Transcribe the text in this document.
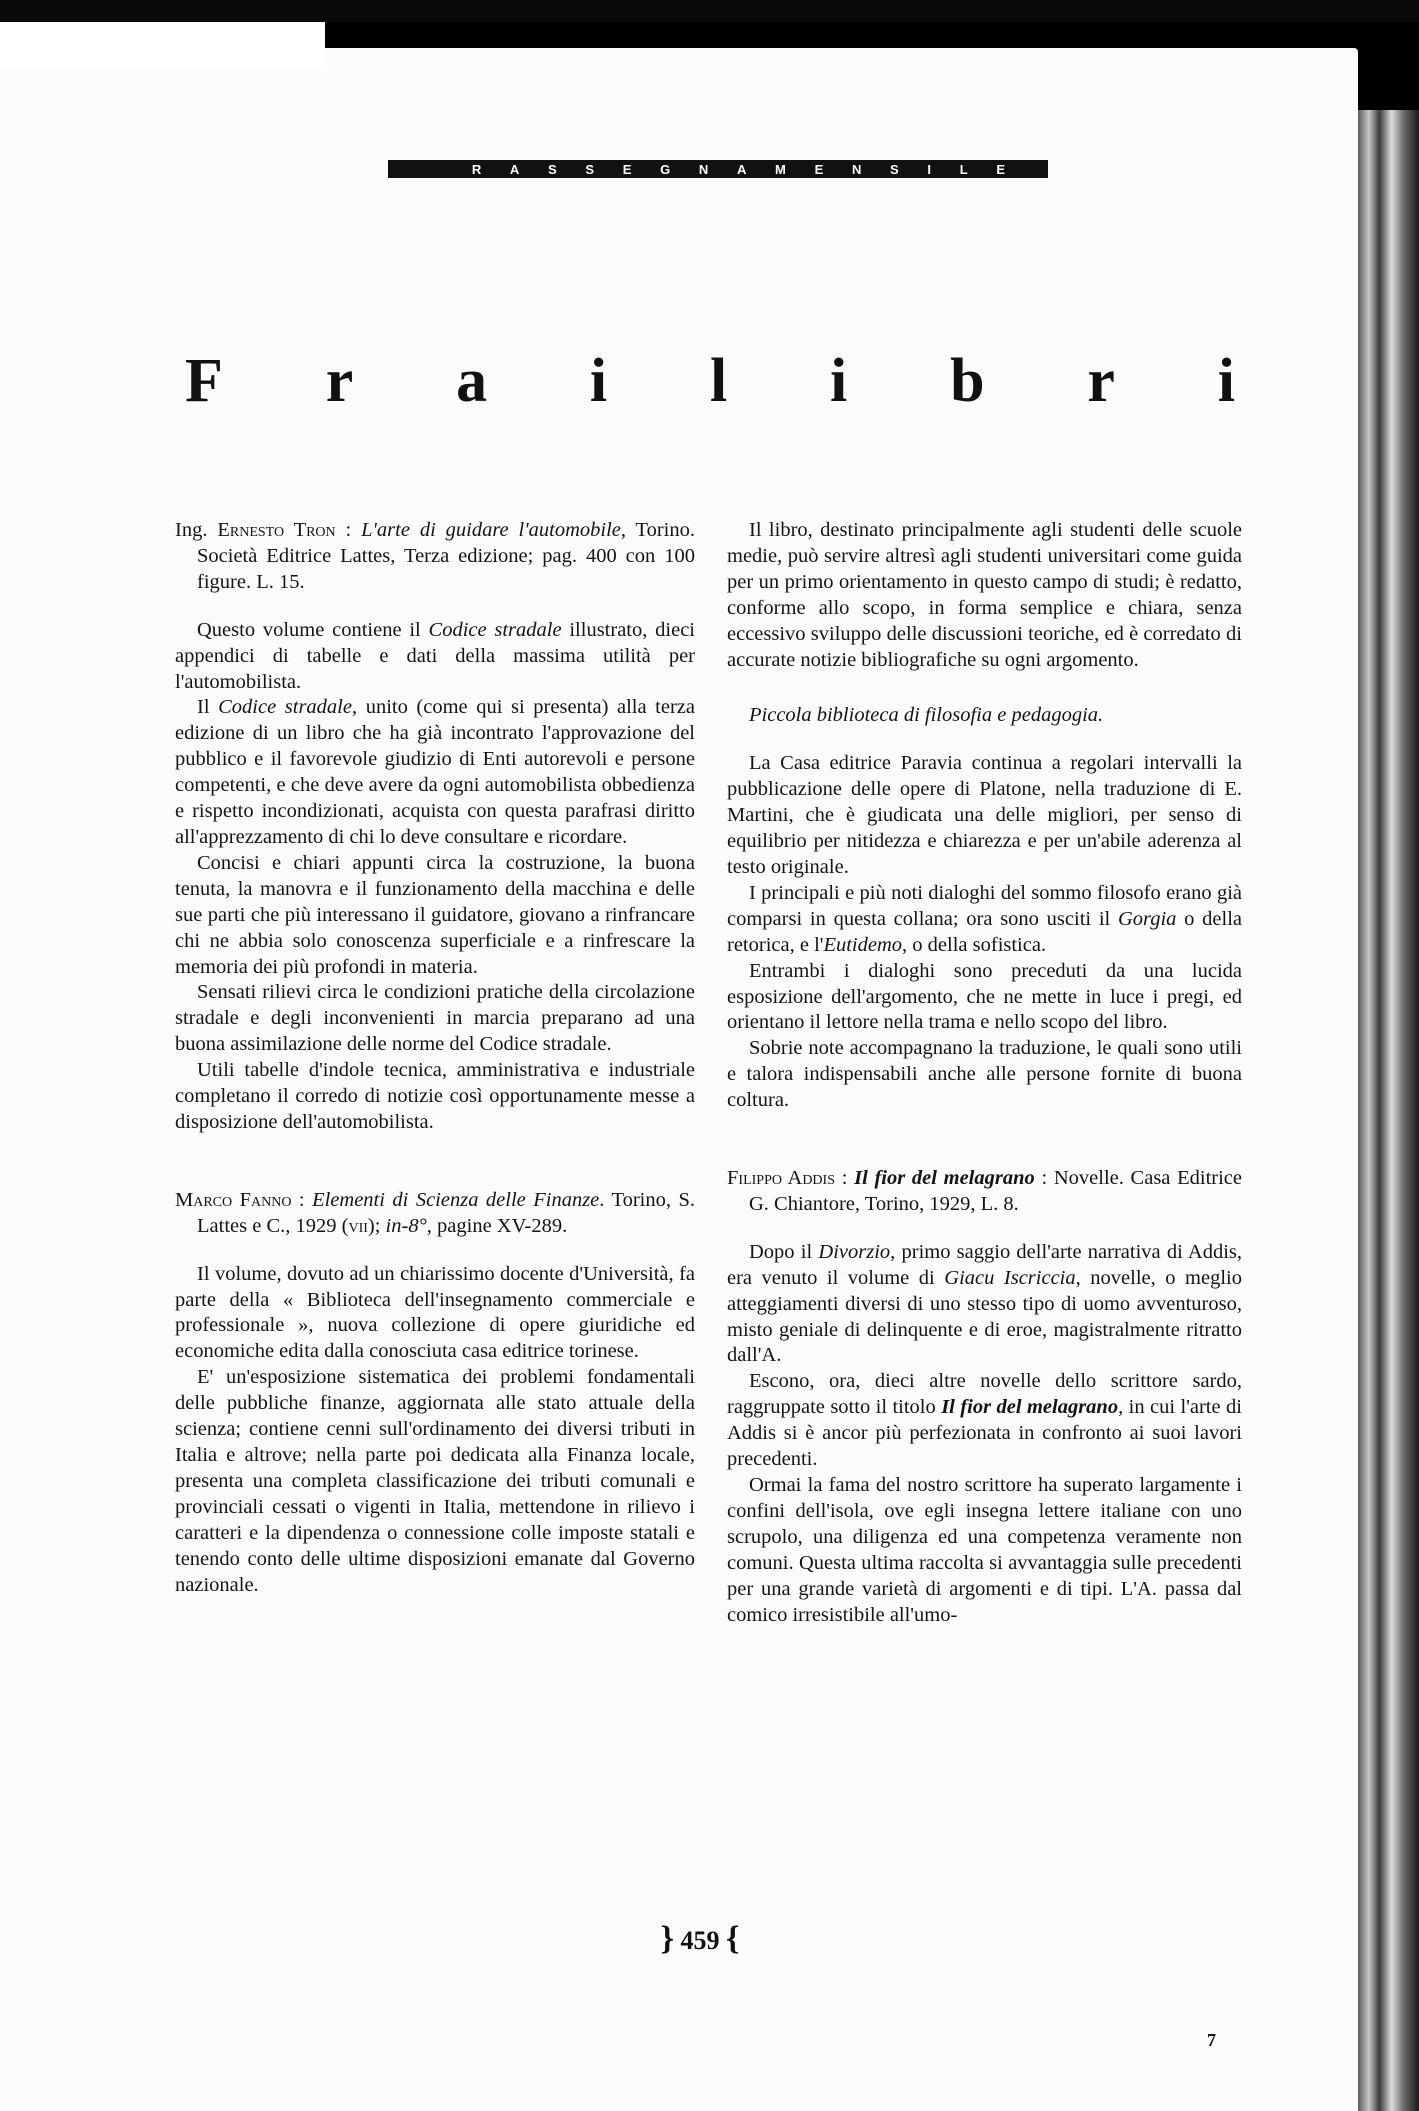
R A S S E G N A M E N S I L E
F r a i l i b r i

Ing. Ernesto Tron : L'arte di guidare l'automobile, Torino. Società Editrice Lattes, Terza edizione; pag. 400 con 100 figure. L. 15.

Questo volume contiene il Codice stradale illustrato, dieci appendici di tabelle e dati della massima utilità per l'automobilista.

Il Codice stradale, unito (come qui si presenta) alla terza edizione di un libro che ha già incontrato l'approvazione del pubblico e il favorevole giudizio di Enti autorevoli e persone competenti, e che deve avere da ogni automobilista obbedienza e rispetto incondizionati, acquista con questa parafrasi diritto all'apprezzamento di chi lo deve consultare e ricordare.

Concisi e chiari appunti circa la costruzione, la buona tenuta, la manovra e il funzionamento della macchina e delle sue parti che più interessano il guidatore, giovano a rinfrancare chi ne abbia solo conoscenza superficiale e a rinfrescare la memoria dei più profondi in materia.

Sensati rilievi circa le condizioni pratiche della circolazione stradale e degli inconvenienti in marcia preparano ad una buona assimilazione delle norme del Codice stradale.

Utili tabelle d'indole tecnica, amministrativa e industriale completano il corredo di notizie così opportunamente messe a disposizione dell'automobilista.

Marco Fanno : Elementi di Scienza delle Finanze. Torino, S. Lattes e C., 1929 (vii); in-8°, pagine XV-289.

Il volume, dovuto ad un chiarissimo docente d'Università, fa parte della « Biblioteca dell'insegnamento commerciale e professionale », nuova collezione di opere giuridiche ed economiche edita dalla conosciuta casa editrice torinese.

E' un'esposizione sistematica dei problemi fondamentali delle pubbliche finanze, aggiornata alle stato attuale della scienza; contiene cenni sull'ordinamento dei diversi tributi in Italia e altrove; nella parte poi dedicata alla Finanza locale, presenta una completa classificazione dei tributi comunali e provinciali cessati o vigenti in Italia, mettendone in rilievo i caratteri e la dipendenza o connessione colle imposte statali e tenendo conto delle ultime disposizioni emanate dal Governo nazionale.

Il libro, destinato principalmente agli studenti delle scuole medie, può servire altresì agli studenti universitari come guida per un primo orientamento in questo campo di studi; è redatto, conforme allo scopo, in forma semplice e chiara, senza eccessivo sviluppo delle discussioni teoriche, ed è corredato di accurate notizie bibliografiche su ogni argomento.

Piccola biblioteca di filosofia e pedagogia.

La Casa editrice Paravia continua a regolari intervalli la pubblicazione delle opere di Platone, nella traduzione di E. Martini, che è giudicata una delle migliori, per senso di equilibrio per nitidezza e chiarezza e per un'abile aderenza al testo originale.

I principali e più noti dialoghi del sommo filosofo erano già comparsi in questa collana; ora sono usciti il Gorgia o della retorica, e l'Eutidemo, o della sofistica.

Entrambi i dialoghi sono preceduti da una lucida esposizione dell'argomento, che ne mette in luce i pregi, ed orientano il lettore nella trama e nello scopo del libro.

Sobrie note accompagnano la traduzione, le quali sono utili e talora indispensabili anche alle persone fornite di buona coltura.

Filippo Addis : Il fior del melagrano : Novelle. Casa Editrice G. Chiantore, Torino, 1929, L. 8.

Dopo il Divorzio, primo saggio dell'arte narrativa di Addis, era venuto il volume di Giacu Iscriccia, novelle, o meglio atteggiamenti diversi di uno stesso tipo di uomo avventuroso, misto geniale di delinquente e di eroe, magistralmente ritratto dall'A.

Escono, ora, dieci altre novelle dello scrittore sardo, raggruppate sotto il titolo Il fior del melagrano, in cui l'arte di Addis si è ancor più perfezionata in confronto ai suoi lavori precedenti.

Ormai la fama del nostro scrittore ha superato largamente i confini dell'isola, ove egli insegna lettere italiane con uno scrupolo, una diligenza ed una competenza veramente non comuni. Questa ultima raccolta si avvantaggia sulle precedenti per una grande varietà di argomenti e di tipi. L'A. passa dal comico irresistibile all'umo-

} 459 {
7
